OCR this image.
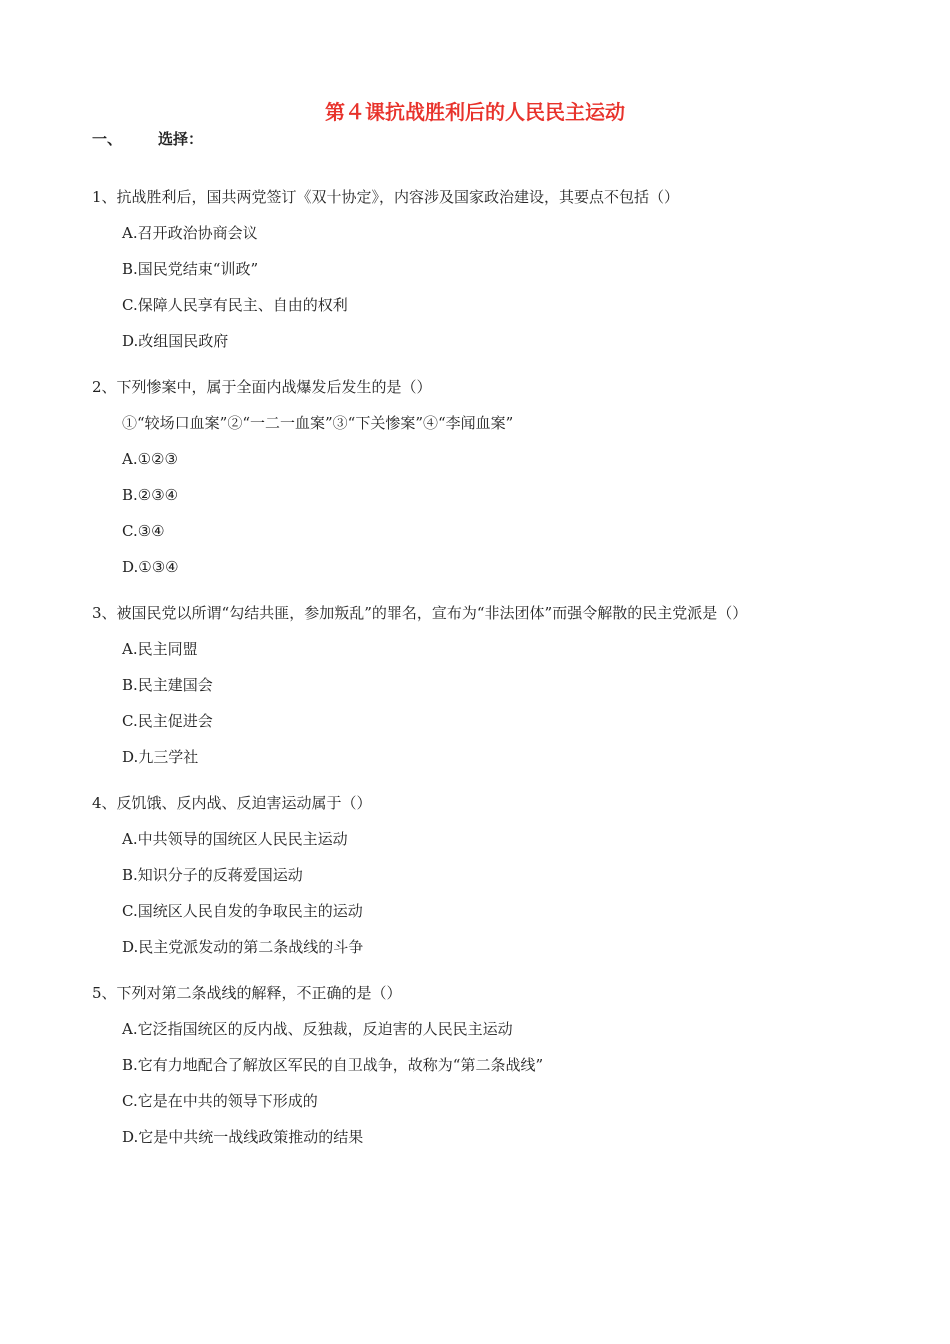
第４课抗战胜利后的人民民主运动
一、	选择：

1、抗战胜利后，国共两党签订《双十协定》，内容涉及国家政治建设，其要点不包括（）

A.召开政治协商会议

B.国民党结束“训政”

C.保障人民享有民主、自由的权利

D.改组国民政府

2、下列惨案中，属于全面内战爆发后发生的是（）

①“较场口血案”②“一二一血案”③“下关惨案”④“李闻血案”

A.①②③

B.②③④

C.③④

D.①③④

3、被国民党以所谓“勾结共匪，参加叛乱”的罪名，宣布为“非法团体”而强令解散的民主党派是（）

A.民主同盟

B.民主建国会

C.民主促进会

D.九三学社

4、反饥饿、反内战、反迫害运动属于（）

A.中共领导的国统区人民民主运动

B.知识分子的反蒋爱国运动

C.国统区人民自发的争取民主的运动

D.民主党派发动的第二条战线的斗争

5、下列对第二条战线的解释，不正确的是（）

A.它泛指国统区的反内战、反独裁，反迫害的人民民主运动

B.它有力地配合了解放区军民的自卫战争，故称为“第二条战线”

C.它是在中共的领导下形成的

D.它是中共统一战线政策推动的结果
